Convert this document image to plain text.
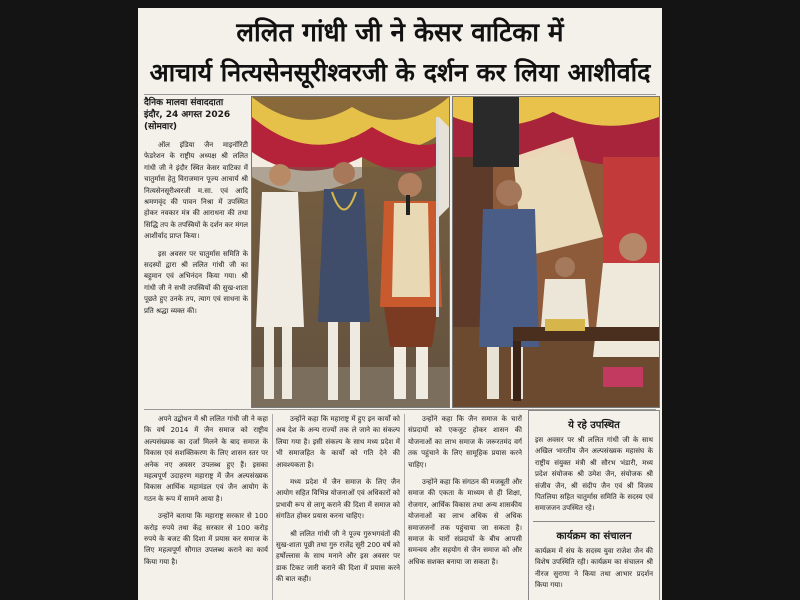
ललित गांधी जी ने केसर वाटिका में
आचार्य नित्यसेनसूरीश्वरजी के दर्शन कर लिया आशीर्वाद
दैनिक मालवा संवाददाता
इंदौर, 24 अगस्त 2026
(सोमवार)

ऑल इंडिया जैन माइनॉरिटी फेडरेशन के राष्ट्रीय अध्यक्ष श्री ललित गांधी जी ने इंदौर स्थित केसर वाटिका में चातुर्मास हेतु विराजमान पूज्य आचार्य श्री नित्यसेनसूरीश्वरजी म.सा. एवं आदि श्रमणवृंद की पावन निश्रा में उपस्थित होकर नवकार मंत्र की आराधना की तथा सिद्धि तप के तपस्वियों के दर्शन कर मंगल आशीर्वाद प्राप्त किया।

इस अवसर पर चातुर्मास समिति के सदस्यों द्वारा श्री ललित गांधी जी का बहुमान एवं अभिनंदन किया गया। श्री गांधी जी ने सभी तपस्वियों की सुख-शाता पूछते हुए उनके तप, त्याग एवं साधना के प्रति श्रद्धा व्यक्त की।

अपने उद्बोधन में श्री ललित गांधी जी ने कहा कि वर्ष 2014 में जैन समाज को राष्ट्रीय अल्पसंख्यक का दर्जा मिलने के बाद समाज के विकास एवं सशक्तिकरण के लिए शासन स्तर पर अनेक नए अवसर उपलब्ध हुए हैं। इसका महत्वपूर्ण उदाहरण महाराष्ट्र में जैन अल्पसंख्यक विकास आर्थिक महामंडल एवं जैन आयोग के गठन के रूप में सामने आया है।

उन्होंने बताया कि महाराष्ट्र सरकार से 100 करोड़ रुपये तथा केंद्र सरकार से 100 करोड़ रुपये के बजट की दिशा में प्रयास कर समाज के लिए महत्वपूर्ण सौगात उपलब्ध कराने का कार्य किया गया है।

उन्होंने कहा कि महाराष्ट्र में हुए इन कार्यों को अब देश के अन्य राज्यों तक ले जाने का संकल्प लिया गया है। इसी संकल्प के साथ मध्य प्रदेश में भी समाजहित के कार्यों को गति देने की आवश्यकता है।

मध्य प्रदेश में जैन समाज के लिए जैन आयोग सहित विभिन्न योजनाओं एवं अधिकारों को प्रभावी रूप से लागू कराने की दिशा में समाज को संगठित होकर प्रयास करना चाहिए।

श्री ललित गांधी जी ने पूज्य गुरुभगवंतों की सुख-शाता पूछी तथा गुरु राजेंद्र सूरी 200 वर्ष को हर्षोल्लास के साथ मनाने और इस अवसर पर डाक टिकट जारी कराने की दिशा में प्रयास करने की बात कही।

उन्होंने कहा कि जैन समाज के चारों संप्रदायों को एकजुट होकर शासन की योजनाओं का लाभ समाज के जरूरतमंद वर्ग तक पहुंचाने के लिए सामूहिक प्रयास करने चाहिए।

उन्होंने कहा कि संगठन की मजबूती और समाज की एकता के माध्यम से ही शिक्षा, रोजगार, आर्थिक विकास तथा अन्य शासकीय योजनाओं का लाभ अधिक से अधिक समाजजनों तक पहुंचाया जा सकता है। समाज के चारों संप्रदायों के बीच आपसी समन्वय और सहयोग से जैन समाज को और अधिक सशक्त बनाया जा सकता है।

ये रहे उपस्थित

इस अवसर पर श्री ललित गांधी जी के साथ अखिल भारतीय जैन अल्पसंख्यक महासंघ के राष्ट्रीय संयुक्त मंत्री श्री सौरभ भंडारी, मध्य प्रदेश संयोजक श्री उमेश जैन, संयोजक श्री संजीव जैन, श्री संदीप जैन एवं श्री विजय पितलिया सहित चातुर्मास समिति के सदस्य एवं समाजजन उपस्थित रहे।

कार्यक्रम का संचालन

कार्यक्रम में संघ के सदस्य युवा राजेश जैन की विशेष उपस्थिति रही। कार्यक्रम का संचालन श्री नीरज सुराणा ने किया तथा आभार प्रदर्शन किया गया।
